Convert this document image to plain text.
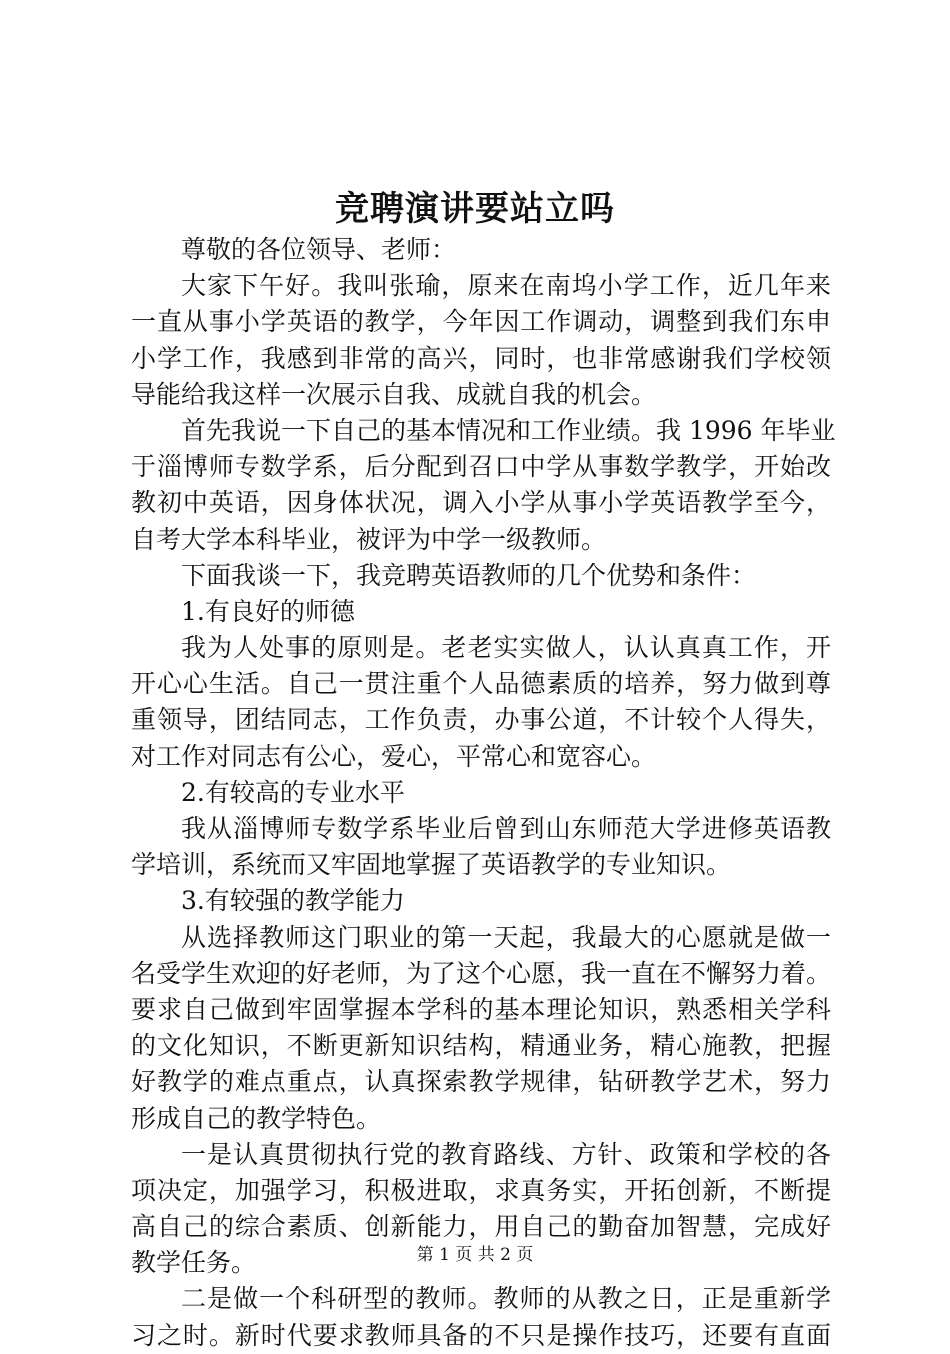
竞聘演讲要站立吗
尊敬的各位领导、老师：
大家下午好。我叫张瑜，原来在南坞小学工作，近几年来
一直从事小学英语的教学，今年因工作调动，调整到我们东申
小学工作，我感到非常的高兴，同时，也非常感谢我们学校领
导能给我这样一次展示自我、成就自我的机会。
首先我说一下自己的基本情况和工作业绩。我 1996 年毕业
于淄博师专数学系，后分配到召口中学从事数学教学，开始改
教初中英语，因身体状况，调入小学从事小学英语教学至今，
自考大学本科毕业，被评为中学一级教师。
下面我谈一下，我竞聘英语教师的几个优势和条件：
1.有良好的师德
我为人处事的原则是。老老实实做人，认认真真工作，开
开心心生活。自己一贯注重个人品德素质的培养，努力做到尊
重领导，团结同志，工作负责，办事公道，不计较个人得失，
对工作对同志有公心，爱心，平常心和宽容心。
2.有较高的专业水平
我从淄博师专数学系毕业后曾到山东师范大学进修英语教
学培训，系统而又牢固地掌握了英语教学的专业知识。
3.有较强的教学能力
从选择教师这门职业的第一天起，我最大的心愿就是做一
名受学生欢迎的好老师，为了这个心愿，我一直在不懈努力着。
要求自己做到牢固掌握本学科的基本理论知识，熟悉相关学科
的文化知识，不断更新知识结构，精通业务，精心施教，把握
好教学的难点重点，认真探索教学规律，钻研教学艺术，努力
形成自己的教学特色。
一是认真贯彻执行党的教育路线、方针、政策和学校的各
项决定，加强学习，积极进取，求真务实，开拓创新，不断提
高自己的综合素质、创新能力，用自己的勤奋加智慧，完成好
教学任务。
二是做一个科研型的教师。教师的从教之日，正是重新学
习之时。新时代要求教师具备的不只是操作技巧，还要有直面
第 1 页 共 2 页
